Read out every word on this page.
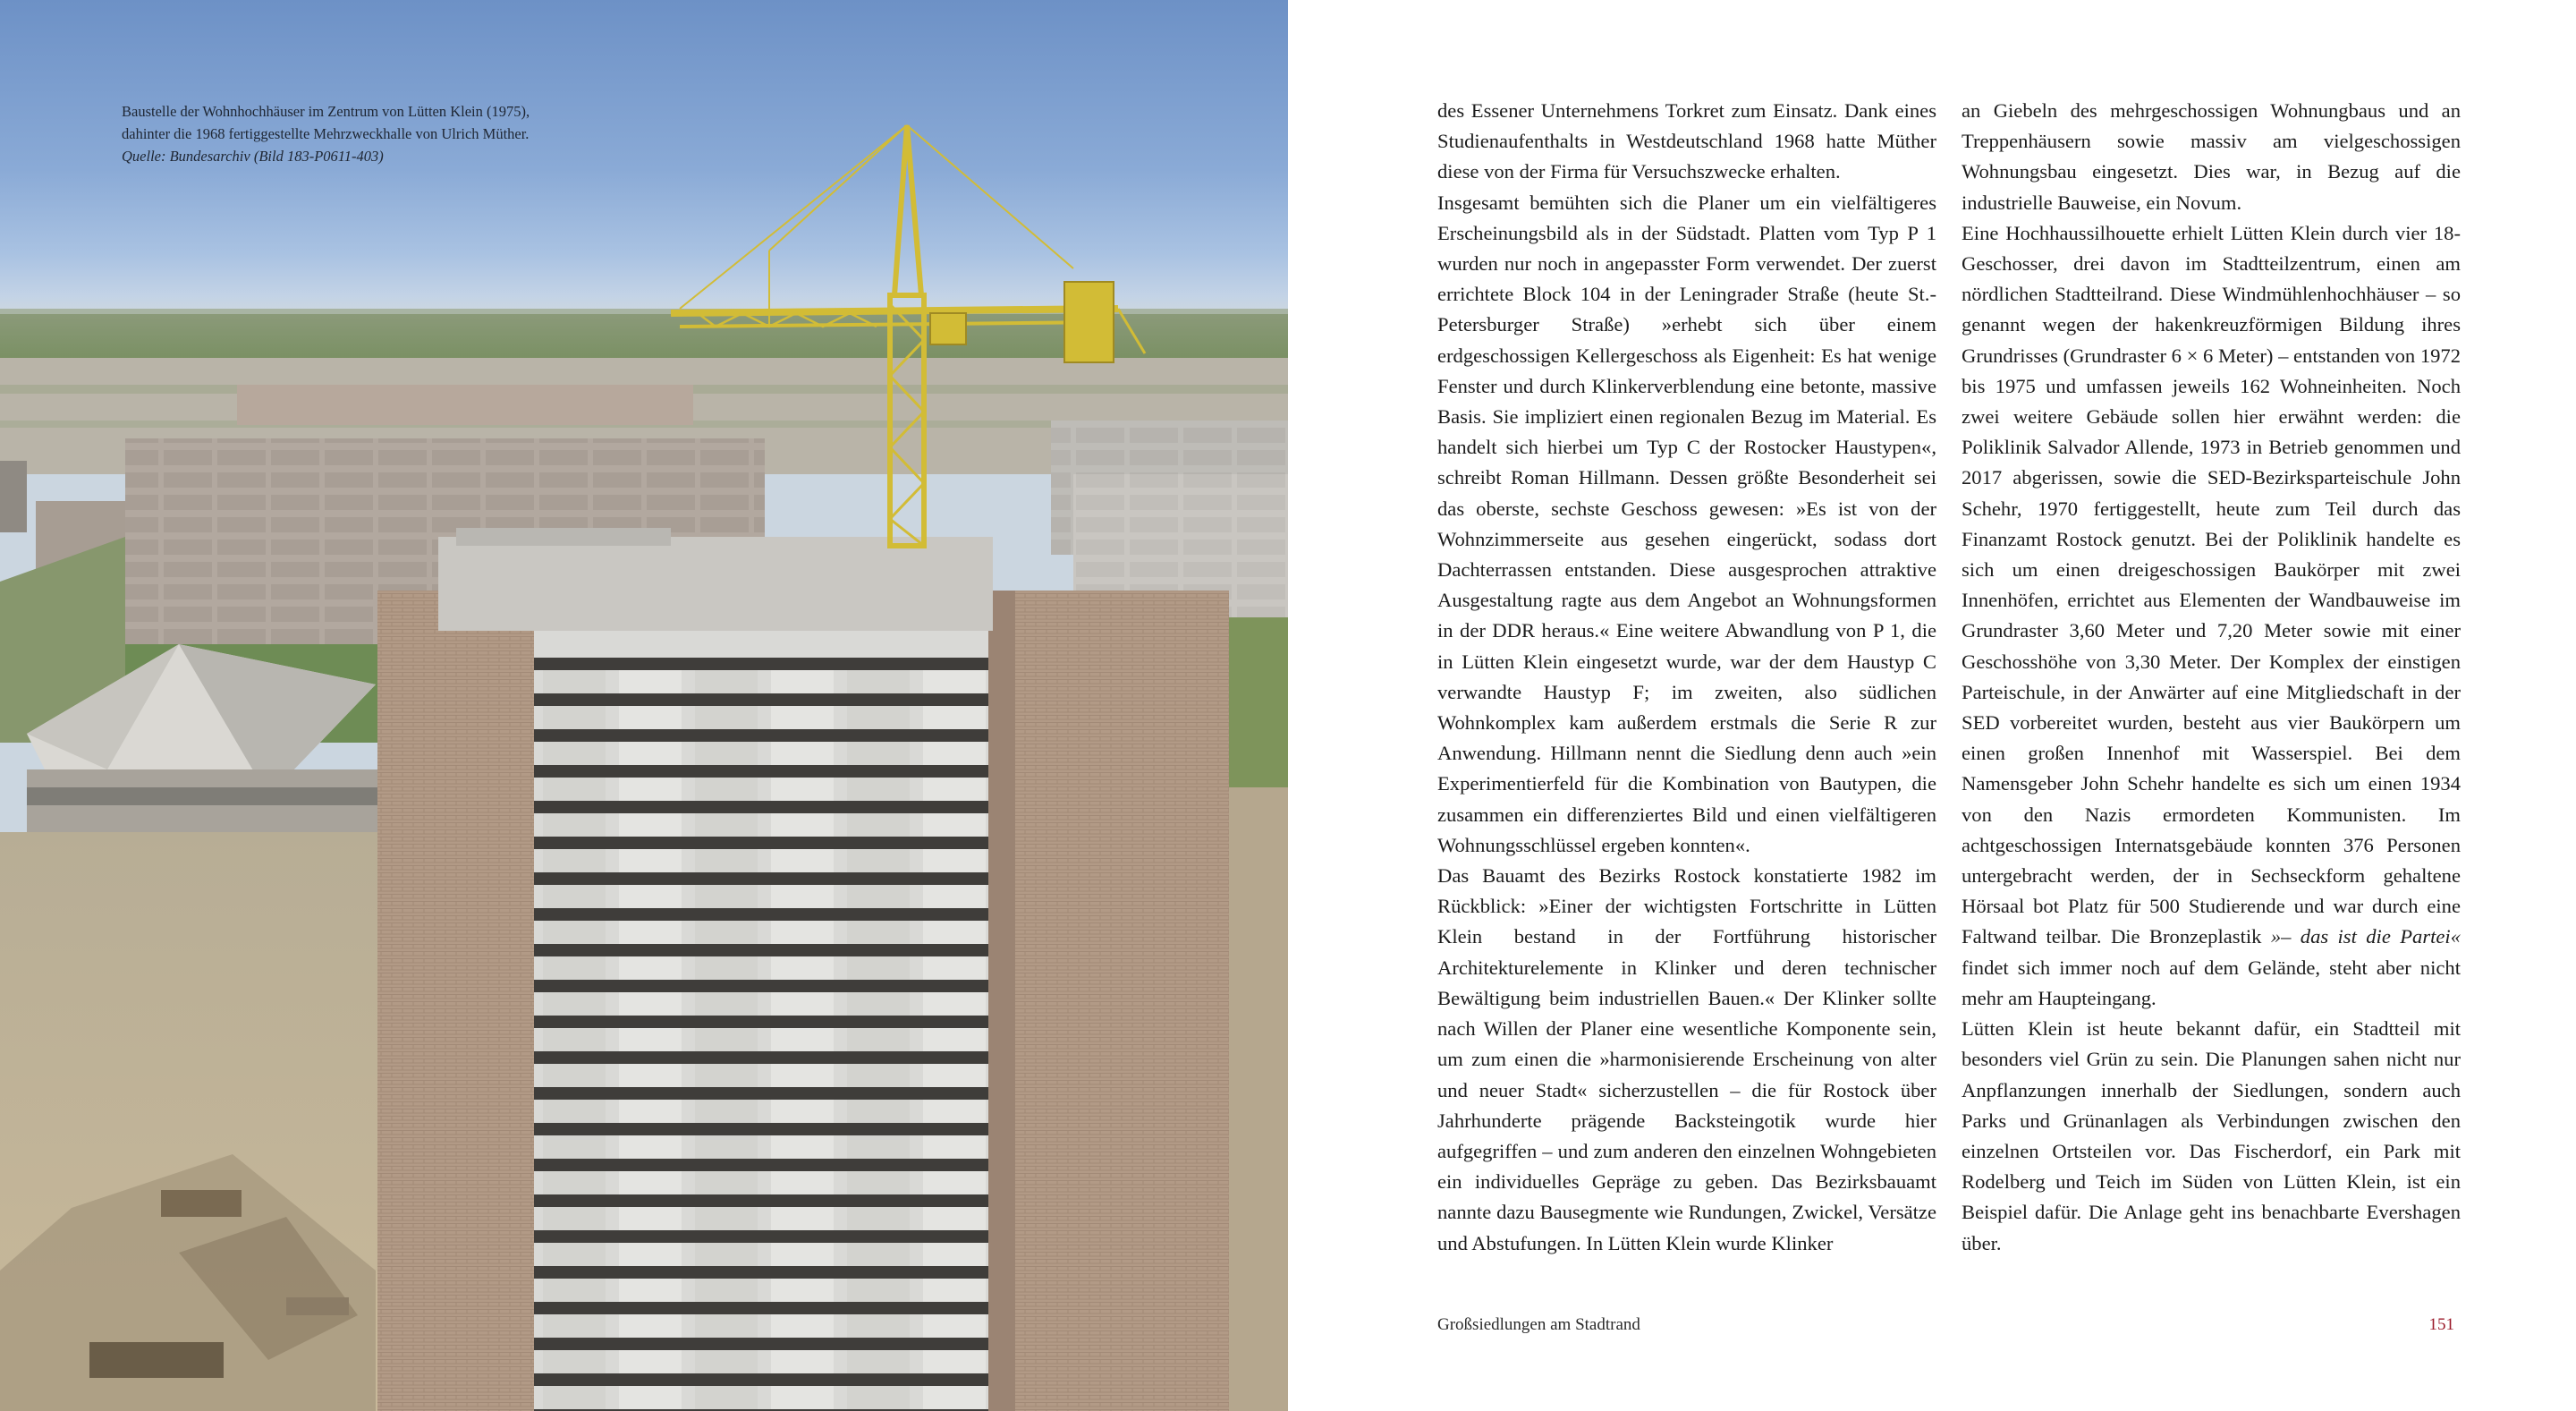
Baustelle der Wohnhochhäuser im Zentrum von Lütten Klein (1975),
dahinter die 1968 fertiggestellte Mehrzweckhalle von Ulrich Müther.
Quelle: Bundesarchiv (Bild 183-P0611-403)

des Essener Unternehmens Torkret zum Einsatz. Dank eines Studienaufenthalts in Westdeutschland 1968 hatte Müther diese von der Firma für Versuchszwecke erhalten.

Insgesamt bemühten sich die Planer um ein vielfältigeres Erscheinungsbild als in der Südstadt. Platten vom Typ P 1 wurden nur noch in angepasster Form verwendet. Der zuerst errichtete Block 104 in der Leningrader Straße (heute St.-Petersburger Straße) »erhebt sich über einem erdgeschossigen Kellergeschoss als Eigenheit: Es hat wenige Fenster und durch Klinkerverblendung eine betonte, massive Basis. Sie impliziert einen regionalen Bezug im Material. Es handelt sich hierbei um Typ C der Rostocker Haustypen«, schreibt Roman Hillmann. Dessen größte Besonderheit sei das oberste, sechste Geschoss gewesen: »Es ist von der Wohnzimmerseite aus gesehen eingerückt, sodass dort Dachterrassen entstanden. Diese ausgesprochen attraktive Ausgestaltung ragte aus dem Angebot an Wohnungsformen in der DDR heraus.« Eine weitere Abwandlung von P 1, die in Lütten Klein eingesetzt wurde, war der dem Haustyp C verwandte Haustyp F; im zweiten, also südlichen Wohnkomplex kam außerdem erstmals die Serie R zur Anwendung. Hillmann nennt die Siedlung denn auch »ein Experimentierfeld für die Kombination von Bautypen, die zusammen ein differenziertes Bild und einen vielfältigeren Wohnungsschlüssel ergeben konnten«.

Das Bauamt des Bezirks Rostock konstatierte 1982 im Rückblick: »Einer der wichtigsten Fortschritte in Lütten Klein bestand in der Fortführung historischer Architekturelemente in Klinker und deren technischer Bewältigung beim industriellen Bauen.« Der Klinker sollte nach Willen der Planer eine wesentliche Komponente sein, um zum einen die »harmonisierende Erscheinung von alter und neuer Stadt« sicherzustellen – die für Rostock über Jahrhunderte prägende Backsteingotik wurde hier aufgegriffen – und zum anderen den einzelnen Wohngebieten ein individuelles Gepräge zu geben. Das Bezirksbauamt nannte dazu Bausegmente wie Rundungen, Zwickel, Versätze und Abstufungen. In Lütten Klein wurde Klinker

an Giebeln des mehrgeschossigen Wohnungbaus und an Treppenhäusern sowie massiv am vielgeschossigen Wohnungsbau eingesetzt. Dies war, in Bezug auf die industrielle Bauweise, ein Novum.

Eine Hochhaussilhouette erhielt Lütten Klein durch vier 18-Geschosser, drei davon im Stadtteilzentrum, einen am nördlichen Stadtteilrand. Diese Windmühlenhochhäuser – so genannt wegen der hakenkreuzförmigen Bildung ihres Grundrisses (Grundraster 6 × 6 Meter) – entstanden von 1972 bis 1975 und umfassen jeweils 162 Wohneinheiten. Noch zwei weitere Gebäude sollen hier erwähnt werden: die Poliklinik Salvador Allende, 1973 in Betrieb genommen und 2017 abgerissen, sowie die SED-Bezirksparteischule John Schehr, 1970 fertiggestellt, heute zum Teil durch das Finanzamt Rostock genutzt. Bei der Poliklinik handelte es sich um einen dreigeschossigen Baukörper mit zwei Innenhöfen, errichtet aus Elementen der Wandbauweise im Grundraster 3,60 Meter und 7,20 Meter sowie mit einer Geschosshöhe von 3,30 Meter. Der Komplex der einstigen Parteischule, in der Anwärter auf eine Mitgliedschaft in der SED vorbereitet wurden, besteht aus vier Baukörpern um einen großen Innenhof mit Wasserspiel. Bei dem Namensgeber John Schehr handelte es sich um einen 1934 von den Nazis ermordeten Kommunisten. Im achtgeschossigen Internatsgebäude konnten 376 Personen untergebracht werden, der in Sechseckform gehaltene Hörsaal bot Platz für 500 Studierende und war durch eine Faltwand teilbar. Die Bronzeplastik »– das ist die Partei« findet sich immer noch auf dem Gelände, steht aber nicht mehr am Haupteingang.

Lütten Klein ist heute bekannt dafür, ein Stadtteil mit besonders viel Grün zu sein. Die Planungen sahen nicht nur Anpflanzungen innerhalb der Siedlungen, sondern auch Parks und Grünanlagen als Verbindungen zwischen den einzelnen Ortsteilen vor. Das Fischerdorf, ein Park mit Rodelberg und Teich im Süden von Lütten Klein, ist ein Beispiel dafür. Die Anlage geht ins benachbarte Evershagen über.

Großsiedlungen am Stadtrand	151
